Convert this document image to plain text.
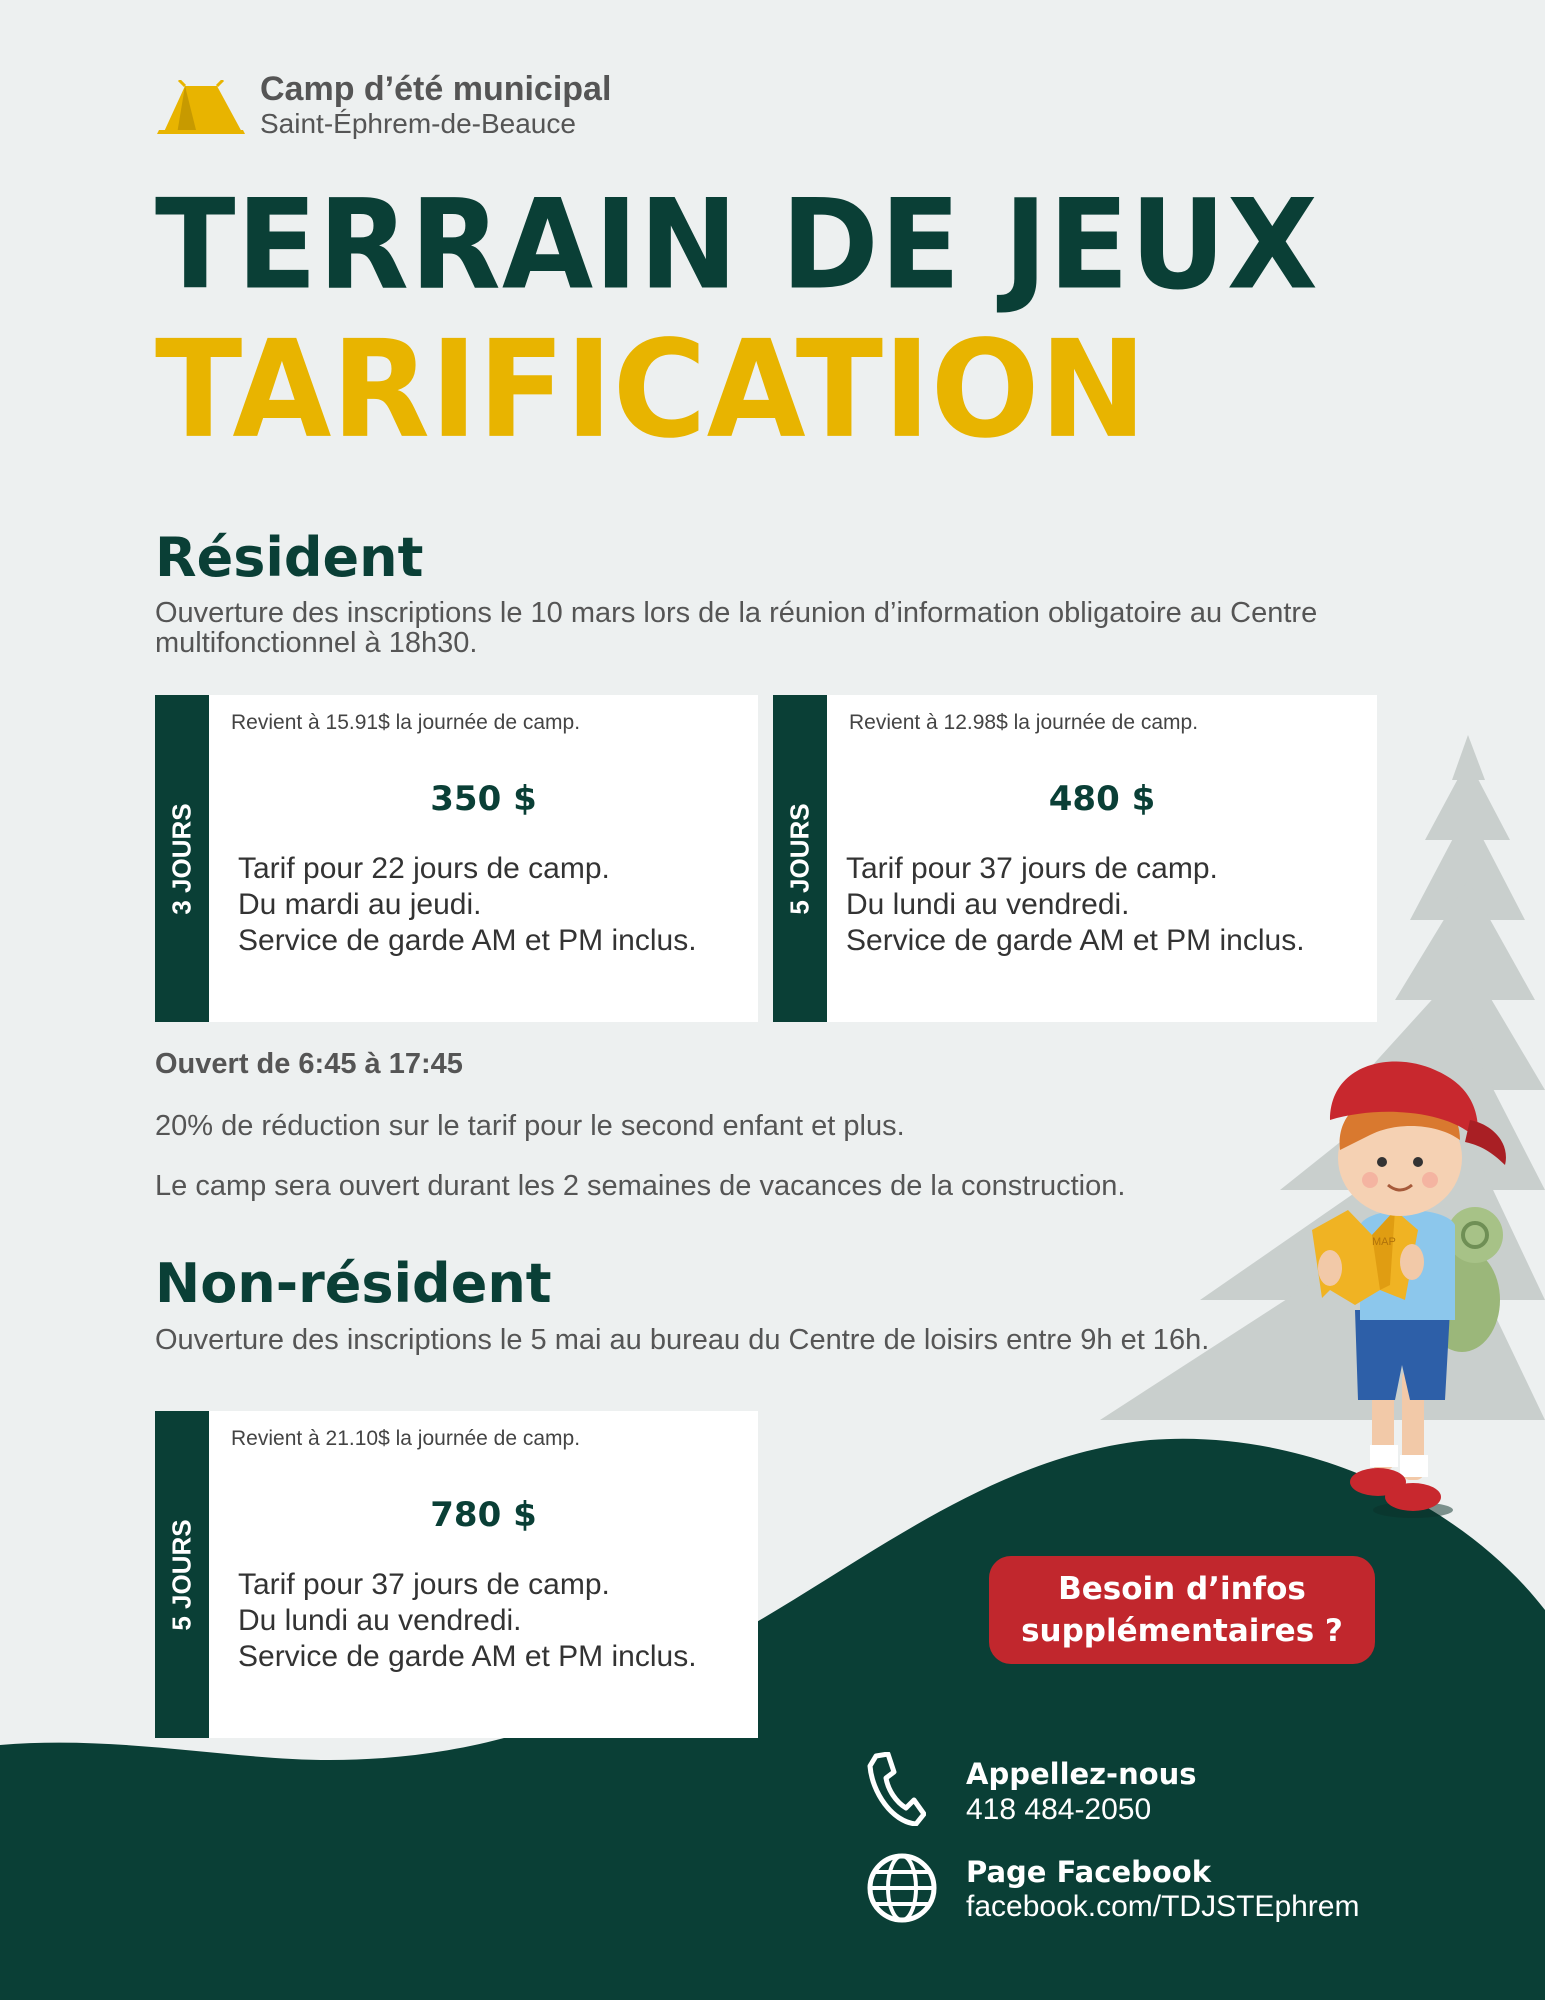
MAP
Camp d’été municipal
Saint-Éphrem-de-Beauce
TERRAIN DE JEUX
TARIFICATION
Résident
Ouverture des inscriptions le 10 mars lors de la réunion d’information obligatoire au Centre multifonctionnel à 18h30.
3 JOURS
Revient à 15.91$ la journée de camp.
350 $
Tarif pour 22 jours de camp.
Du mardi au jeudi.
Service de garde AM et PM inclus.
5 JOURS
Revient à 12.98$ la journée de camp.
480 $
Tarif pour 37 jours de camp.
Du lundi au vendredi.
Service de garde AM et PM inclus.
Ouvert de 6:45 à 17:45
20% de réduction sur le tarif pour le second enfant et plus.
Le camp sera ouvert durant les 2 semaines de vacances de la construction.
Non-résident
Ouverture des inscriptions le 5 mai au bureau du Centre de loisirs entre 9h et 16h.
5 JOURS
Revient à 21.10$ la journée de camp.
780 $
Tarif pour 37 jours de camp.
Du lundi au vendredi.
Service de garde AM et PM inclus.
Besoin d’infos
supplémentaires ?
Appellez-nous
418 484-2050
Page Facebook
facebook.com/TDJSTEphrem
